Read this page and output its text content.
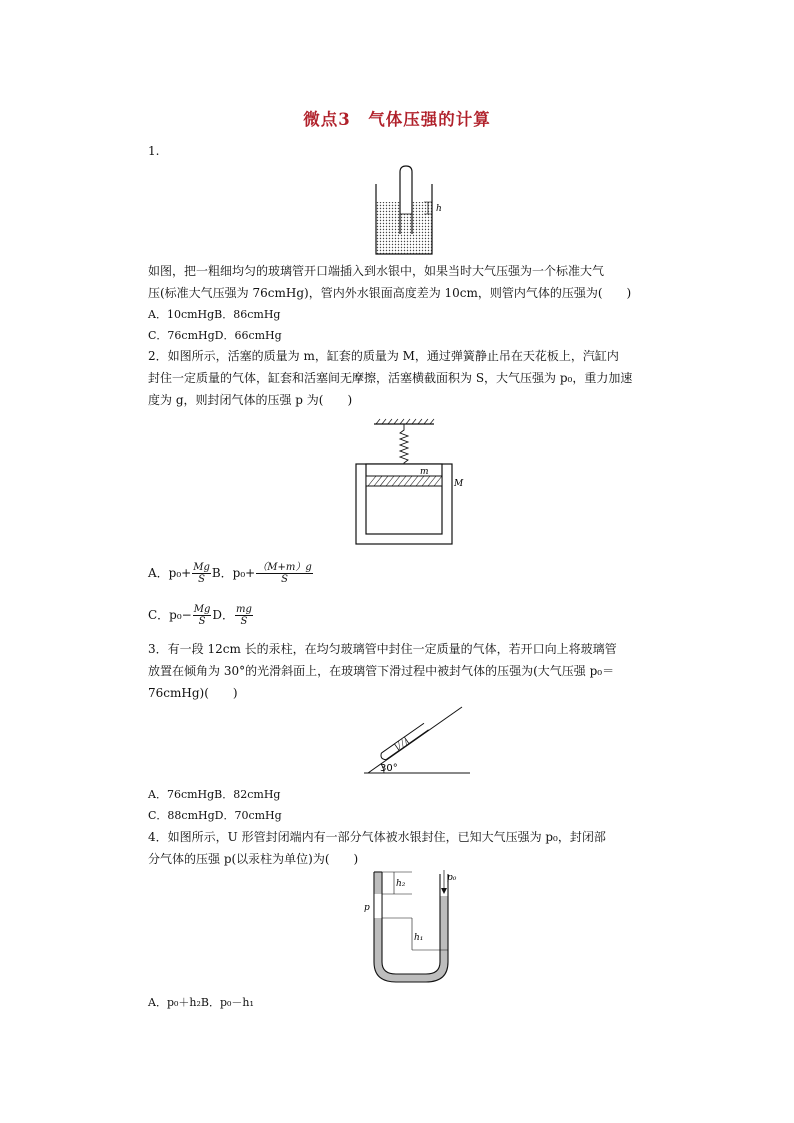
微点3　气体压强的计算
1.
h
如图，把一粗细均匀的玻璃管开口端插入到水银中，如果当时大气压强为一个标准大气
压(标准大气压强为 76cmHg)，管内外水银面高度差为 10cm，则管内气体的压强为(　　)
A．10cmHgB．86cmHg
C．76cmHgD．66cmHg
2．如图所示，活塞的质量为 m，缸套的质量为 M，通过弹簧静止吊在天花板上，汽缸内
封住一定质量的气体，缸套和活塞间无摩擦，活塞横截面积为 S，大气压强为 p₀，重力加速
度为 g，则封闭气体的压强 p 为(　　)
m
M
A．$p_0+ \frac{Mg}{S}$ B．$p_0+ \frac{(M+m)g}{S}$
C．$p_0- \frac{Mg}{S}$ D． $\frac{mg}{S}$
3．有一段 12cm 长的汞柱，在均匀玻璃管中封住一定质量的气体，若开口向上将玻璃管
放置在倾角为 30°的光滑斜面上，在玻璃管下滑过程中被封气体的压强为(大气压强 p₀＝
76cmHg)(　　)
30°
A．76cmHgB．82cmHg
C．88cmHgD．70cmHg
4．如图所示，U 形管封闭端内有一部分气体被水银封住，已知大气压强为 p₀，封闭部
分气体的压强 p(以汞柱为单位)为(　　)
h₂
h₁
p
p₀
A．p₀＋h₂B．p₀－h₁
